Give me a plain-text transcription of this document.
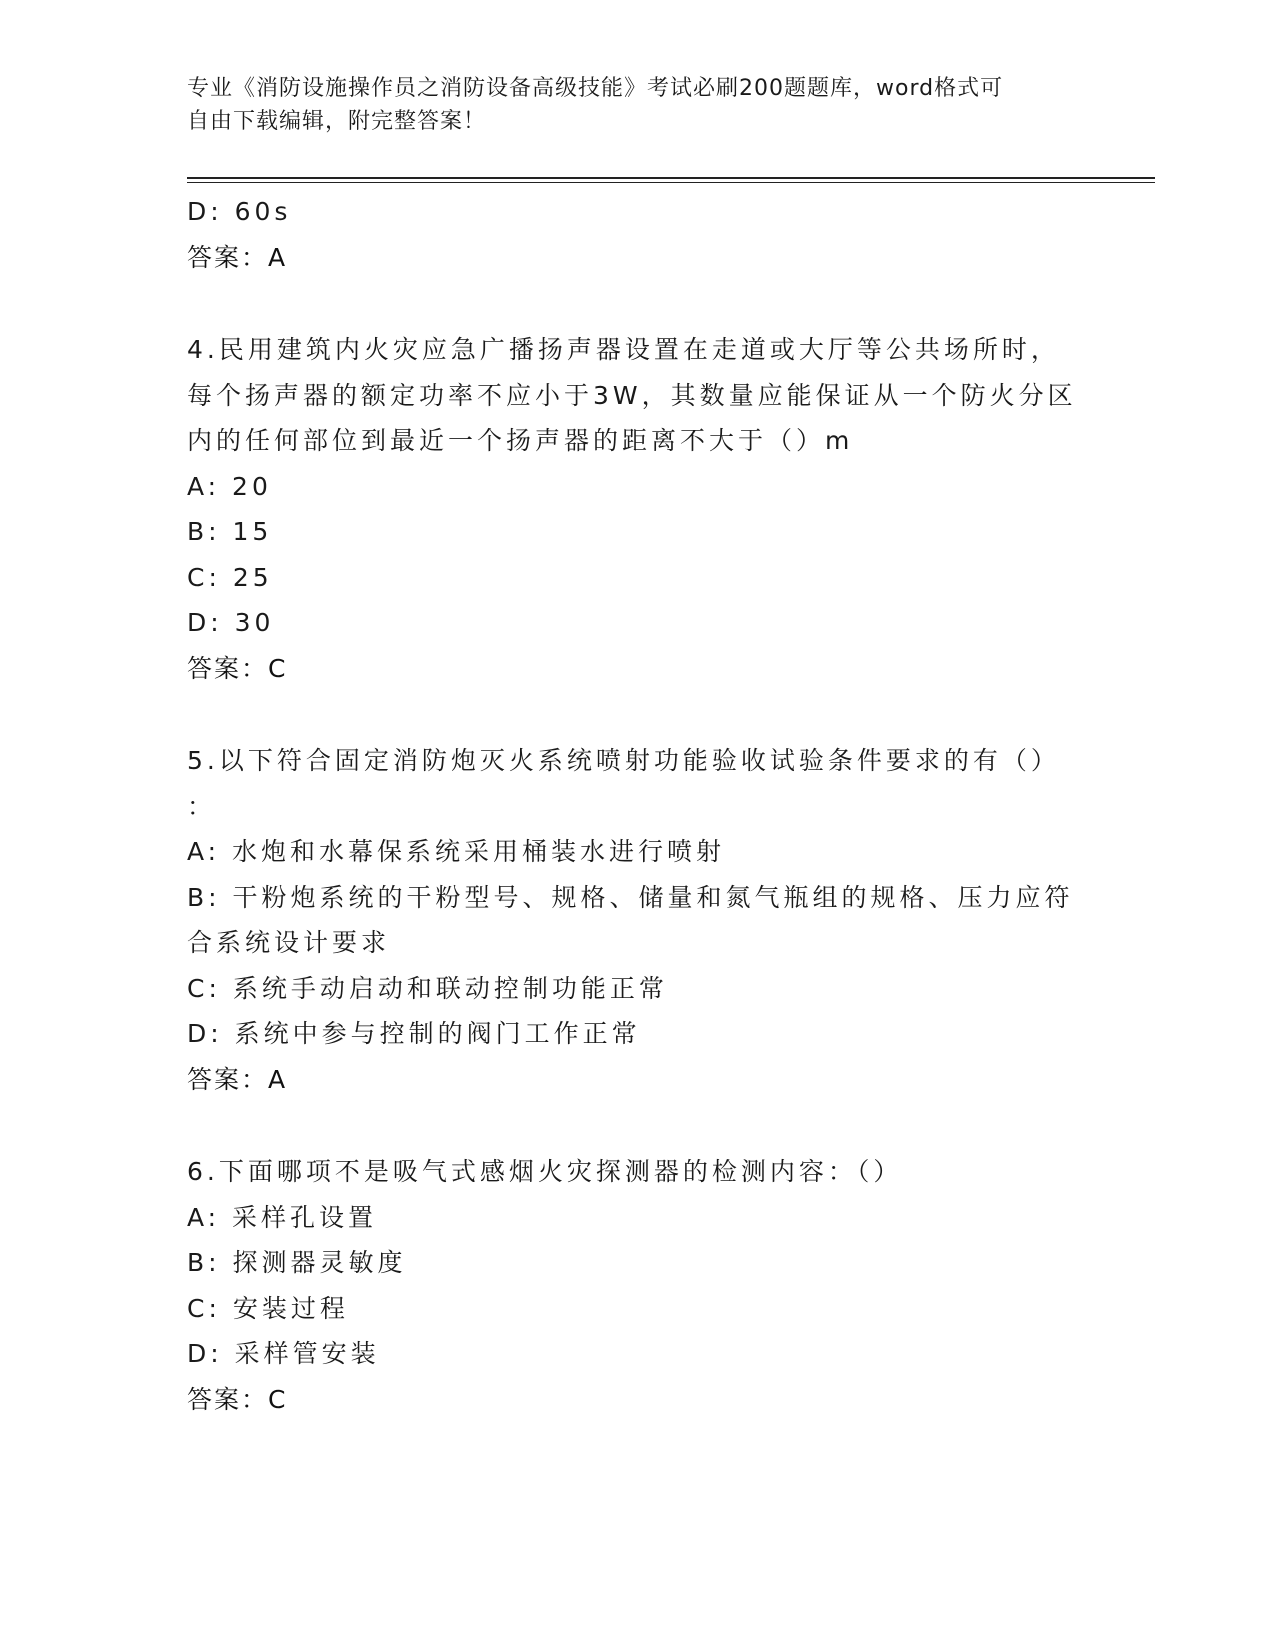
专业《消防设施操作员之消防设备高级技能》考试必刷200题题库，word格式可
自由下载编辑，附完整答案！

D: 60s

答案：A

4.民用建筑内火灾应急广播扬声器设置在走道或大厅等公共场所时，

每个扬声器的额定功率不应小于3W，其数量应能保证从一个防火分区

内的任何部位到最近一个扬声器的距离不大于（）m

A: 20

B: 15

C: 25

D: 30

答案：C

5.以下符合固定消防炮灭火系统喷射功能验收试验条件要求的有（）

：

A: 水炮和水幕保系统采用桶装水进行喷射

B: 干粉炮系统的干粉型号、规格、储量和氮气瓶组的规格、压力应符

合系统设计要求

C: 系统手动启动和联动控制功能正常

D: 系统中参与控制的阀门工作正常

答案：A

6.下面哪项不是吸气式感烟火灾探测器的检测内容：（）

A: 采样孔设置

B: 探测器灵敏度

C: 安装过程

D: 采样管安装

答案：C
